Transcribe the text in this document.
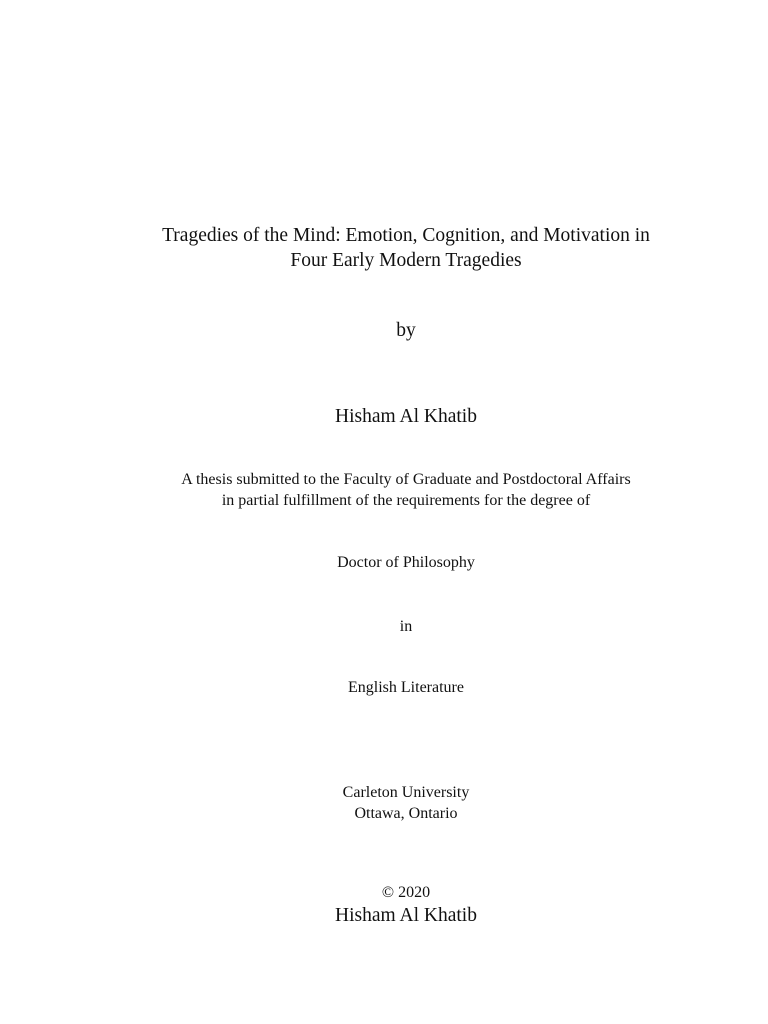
Tragedies of the Mind: Emotion, Cognition, and Motivation in
Four Early Modern Tragedies
by
Hisham Al Khatib
A thesis submitted to the Faculty of Graduate and Postdoctoral Affairs
in partial fulfillment of the requirements for the degree of
Doctor of Philosophy
in
English Literature
Carleton University
Ottawa, Ontario
© 2020
Hisham Al Khatib
